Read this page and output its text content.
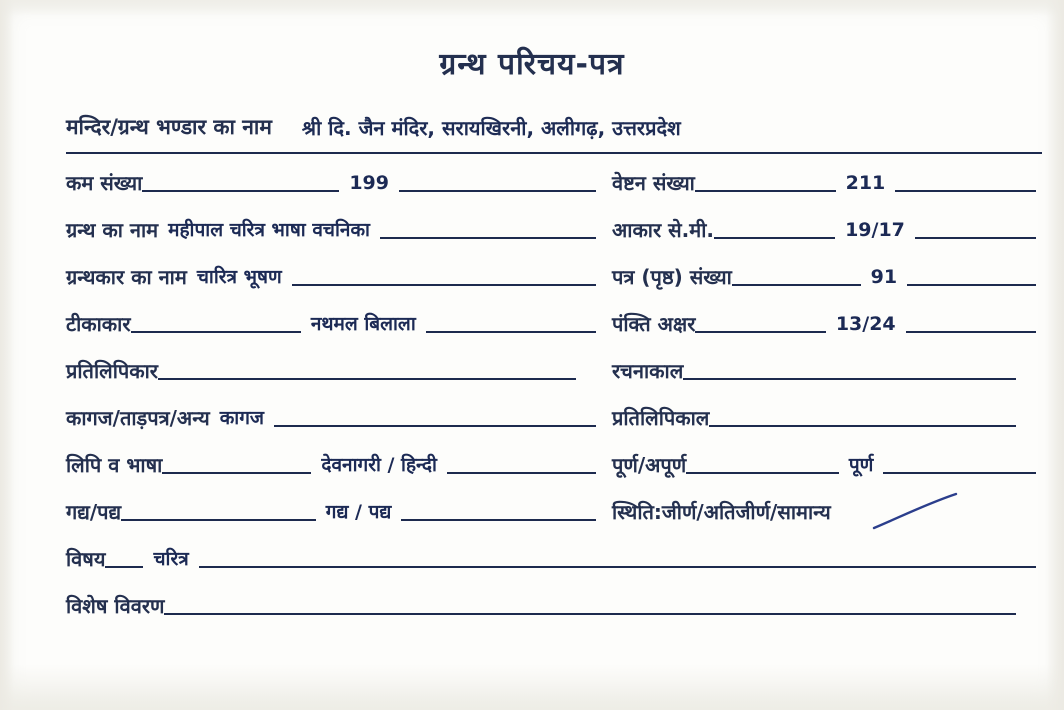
ग्रन्थ परिचय-पत्र
मन्दिर/ग्रन्थ भण्डार का नाम श्री दि. जैन मंदिर, सरायखिरनी, अलीगढ़, उत्तरप्रदेश
कम संख्या	199	वेष्टन संख्या	211
ग्रन्थ का नाम महीपाल चरित्र भाषा वचनिका	आकार से.मी.	19/17
ग्रन्थकार का नाम चारित्र भूषण	पत्र (पृष्ठ) संख्या	91
टीकाकार	नथमल बिलाला	पंक्ति अक्षर	13/24
प्रतिलिपिकार	रचनाकाल
कागज/ताड़पत्र/अन्य कागज	प्रतिलिपिकाल
लिपि व भाषा	देवनागरी / हिन्दी	पूर्ण/अपूर्ण	पूर्ण
गद्य/पद्य	गद्य / पद्य	स्थिति:जीर्ण/अतिजीर्ण/सामान्य
विषय	चरित्र
विशेष विवरण
